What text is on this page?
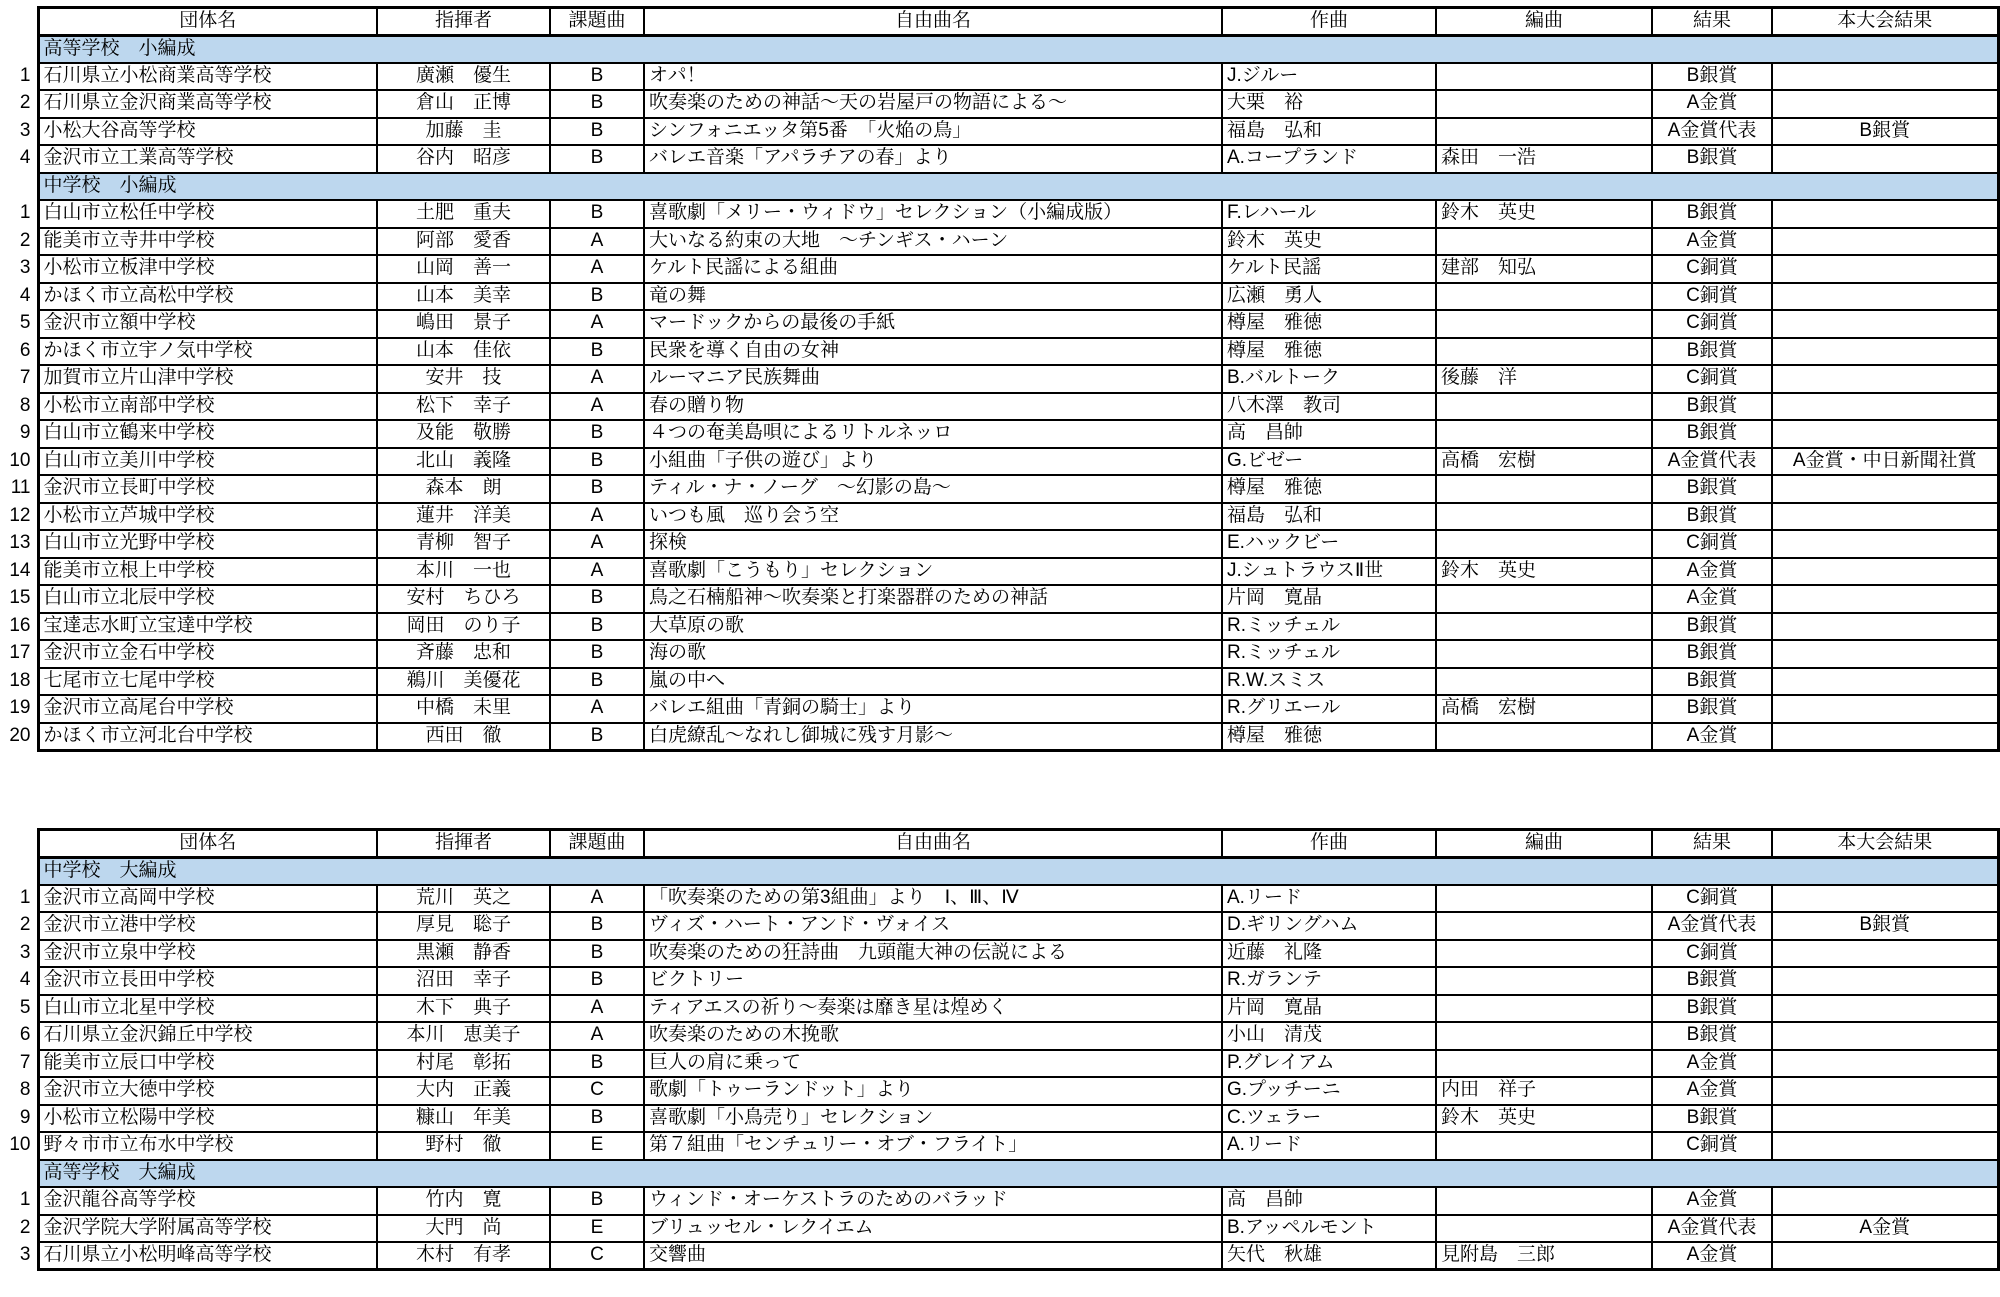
	団体名	指揮者	課題曲	自由曲名	作曲	編曲	結果	本大会結果
	高等学校　小編成							
1	石川県立小松商業高等学校	廣瀬　優生	B	オパ！	J.ジルー		B銀賞	
2	石川県立金沢商業高等学校	倉山　正博	B	吹奏楽のための神話～天の岩屋戸の物語による～	大栗　裕		A金賞	
3	小松大谷高等学校	加藤　圭	B	シンフォニエッタ第5番　「火焔の鳥」	福島　弘和		A金賞代表	B銀賞
4	金沢市立工業高等学校	谷内　昭彦	B	バレエ音楽「アパラチアの春」より	A.コープランド	森田　一浩	B銀賞	
	中学校　小編成							
1	白山市立松任中学校	土肥　重夫	B	喜歌劇「メリー・ウィドウ」セレクション（小編成版）	F.レハール	鈴木　英史	B銀賞	
2	能美市立寺井中学校	阿部　愛香	A	大いなる約束の大地　～チンギス・ハーン	鈴木　英史		A金賞	
3	小松市立板津中学校	山岡　善一	A	ケルト民謡による組曲	ケルト民謡	建部　知弘	C銅賞	
4	かほく市立高松中学校	山本　美幸	B	竜の舞	広瀬　勇人		C銅賞	
5	金沢市立額中学校	嶋田　景子	A	マードックからの最後の手紙	樽屋　雅徳		C銅賞	
6	かほく市立宇ノ気中学校	山本　佳依	B	民衆を導く自由の女神	樽屋　雅徳		B銀賞	
7	加賀市立片山津中学校	安井　技	A	ルーマニア民族舞曲	B.バルトーク	後藤　洋	C銅賞	
8	小松市立南部中学校	松下　幸子	A	春の贈り物	八木澤　教司		B銀賞	
9	白山市立鶴来中学校	及能　敬勝	B	４つの奄美島唄によるリトルネッロ	高　昌帥		B銀賞	
10	白山市立美川中学校	北山　義隆	B	小組曲「子供の遊び」より	G.ビゼー	高橋　宏樹	A金賞代表	A金賞・中日新聞社賞
11	金沢市立長町中学校	森本　朗	B	ティル・ナ・ノーグ　～幻影の島～	樽屋　雅徳		B銀賞	
12	小松市立芦城中学校	蓮井　洋美	A	いつも風　巡り会う空	福島　弘和		B銀賞	
13	白山市立光野中学校	青柳　智子	A	探検	E.ハックビー		C銅賞	
14	能美市立根上中学校	本川　一也	A	喜歌劇「こうもり」セレクション	J.シュトラウスⅡ世	鈴木　英史	A金賞	
15	白山市立北辰中学校	安村　ちひろ	B	鳥之石楠船神～吹奏楽と打楽器群のための神話	片岡　寛晶		A金賞	
16	宝達志水町立宝達中学校	岡田　のり子	B	大草原の歌	R.ミッチェル		B銀賞	
17	金沢市立金石中学校	斉藤　忠和	B	海の歌	R.ミッチェル		B銀賞	
18	七尾市立七尾中学校	鵜川　美優花	B	嵐の中へ	R.W.スミス		B銀賞	
19	金沢市立高尾台中学校	中橋　未里	A	バレエ組曲「青銅の騎士」より	R.グリエール	高橋　宏樹	B銀賞	
20	かほく市立河北台中学校	西田　徹	B	白虎繚乱～なれし御城に残す月影～	樽屋　雅徳		A金賞	
	団体名	指揮者	課題曲	自由曲名	作曲	編曲	結果	本大会結果
	中学校　大編成							
1	金沢市立高岡中学校	荒川　英之	A	「吹奏楽のための第3組曲」より　Ⅰ、Ⅲ、Ⅳ	A.リード		C銅賞	
2	金沢市立港中学校	厚見　聡子	B	ヴィズ・ハート・アンド・ヴォイス	D.ギリングハム		A金賞代表	B銀賞
3	金沢市立泉中学校	黒瀬　静香	B	吹奏楽のための狂詩曲　九頭龍大神の伝説による	近藤　礼隆		C銅賞	
4	金沢市立長田中学校	沼田　幸子	B	ビクトリー	R.ガランテ		B銀賞	
5	白山市立北星中学校	木下　典子	A	ティアエスの祈り～奏楽は靡き星は煌めく	片岡　寛晶		B銀賞	
6	石川県立金沢錦丘中学校	本川　恵美子	A	吹奏楽のための木挽歌	小山　清茂		B銀賞	
7	能美市立辰口中学校	村尾　彰拓	B	巨人の肩に乗って	P.グレイアム		A金賞	
8	金沢市立大徳中学校	大内　正義	C	歌劇「トゥーランドット」より	G.プッチーニ	内田　祥子	A金賞	
9	小松市立松陽中学校	糠山　年美	B	喜歌劇「小鳥売り」セレクション	C.ツェラー	鈴木　英史	B銀賞	
10	野々市市立布水中学校	野村　徹	E	第７組曲「センチュリー・オブ・フライト」	A.リード		C銅賞	
	高等学校　大編成							
1	金沢龍谷高等学校	竹内　寛	B	ウィンド・オーケストラのためのバラッド	高　昌帥		A金賞	
2	金沢学院大学附属高等学校	大門　尚	E	ブリュッセル・レクイエム	B.アッペルモント		A金賞代表	A金賞
3	石川県立小松明峰高等学校	木村　有孝	C	交響曲	矢代　秋雄	見附島　三郎	A金賞	
